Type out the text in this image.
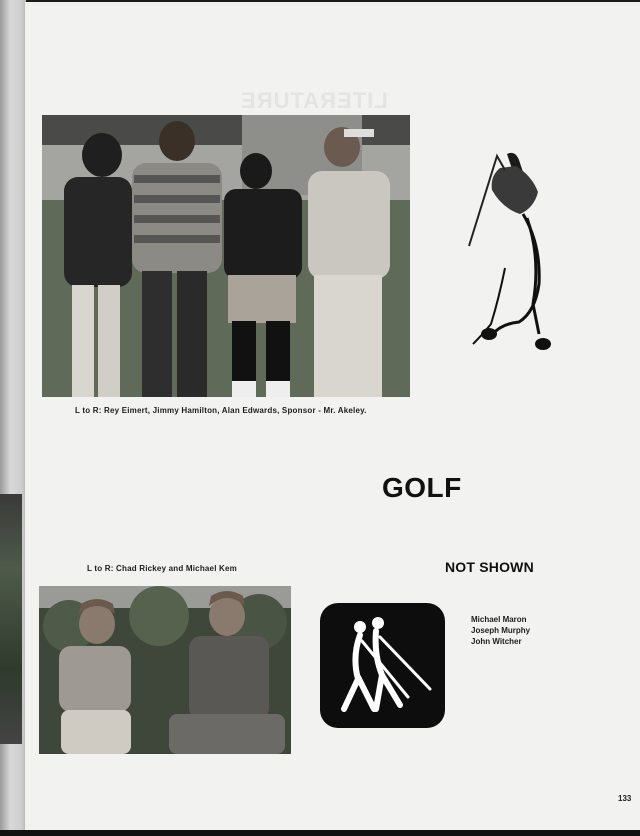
LITERATURE
L to R: Rey Eimert, Jimmy Hamilton, Alan Edwards, Sponsor - Mr. Akeley.
GOLF
L to R: Chad Rickey and Michael Kem	NOT SHOWN
Michael Maron
Joseph Murphy
John Witcher
133
